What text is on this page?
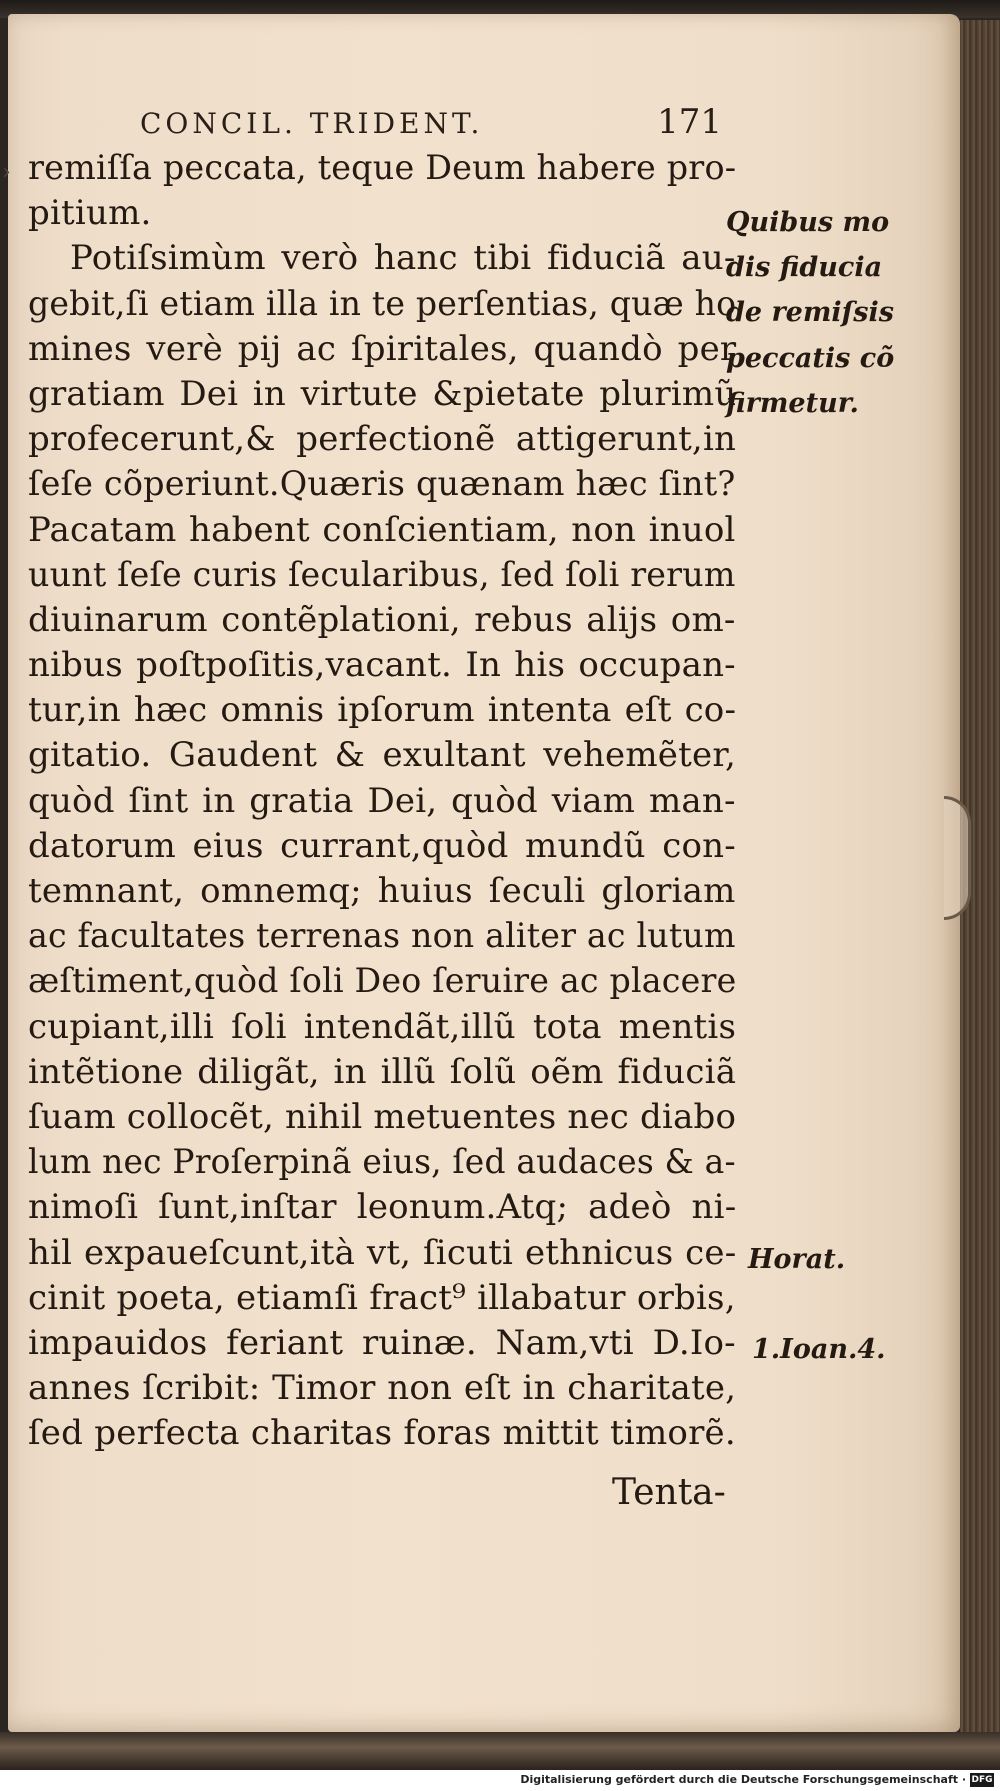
›
CONCIL. TRIDENT.	171
remiſſa peccata, teque Deum habere pro-
pitium.
Potiſsimùm verò hanc tibi fiduciã au-
gebit,ſi etiam illa in te perſentias, quæ ho
mines verè pij ac ſpiritales, quandò per
gratiam Dei in virtute &pietate plurimũ
profecerunt,& perfectionẽ attigerunt,in
ſeſe cõperiunt.Quæris quænam hæc ſint?
Pacatam habent conſcientiam, non inuol
uunt ſeſe curis ſecularibus, ſed ſoli rerum
diuinarum contẽplationi, rebus alijs om-
nibus poſtpoſitis,vacant. In his occupan-
tur,in hæc omnis ipſorum intenta eſt co-
gitatio. Gaudent & exultant vehemẽter,
quòd ſint in gratia Dei, quòd viam man-
datorum eius currant,quòd mundũ con-
temnant, omnemq; huius ſeculi gloriam
ac facultates terrenas non aliter ac lutum
æſtiment,quòd ſoli Deo ſeruire ac placere
cupiant,illi ſoli intendãt,illũ tota mentis
intẽtione diligãt, in illũ ſolũ oẽm fiduciã
ſuam collocẽt, nihil metuentes nec diabo
lum nec Proſerpinã eius, ſed audaces & a-
nimoſi ſunt,inſtar leonum.Atq; adeò ni-
hil expaueſcunt,ità vt, ſicuti ethnicus ce-
cinit poeta, etiamſi fract⁹ illabatur orbis,
impauidos feriant ruinæ. Nam,vti D.Io-
annes ſcribit: Timor non eſt in charitate,
ſed perfecta charitas foras mittit timorẽ.
Tenta-
Quibus mo
dis fiducia
de remiſsis
peccatis cõ
firmetur.
Horat.
1.Ioan.4.
Digitalisierung gefördert durch die Deutsche Forschungsgemeinschaft · DFG
